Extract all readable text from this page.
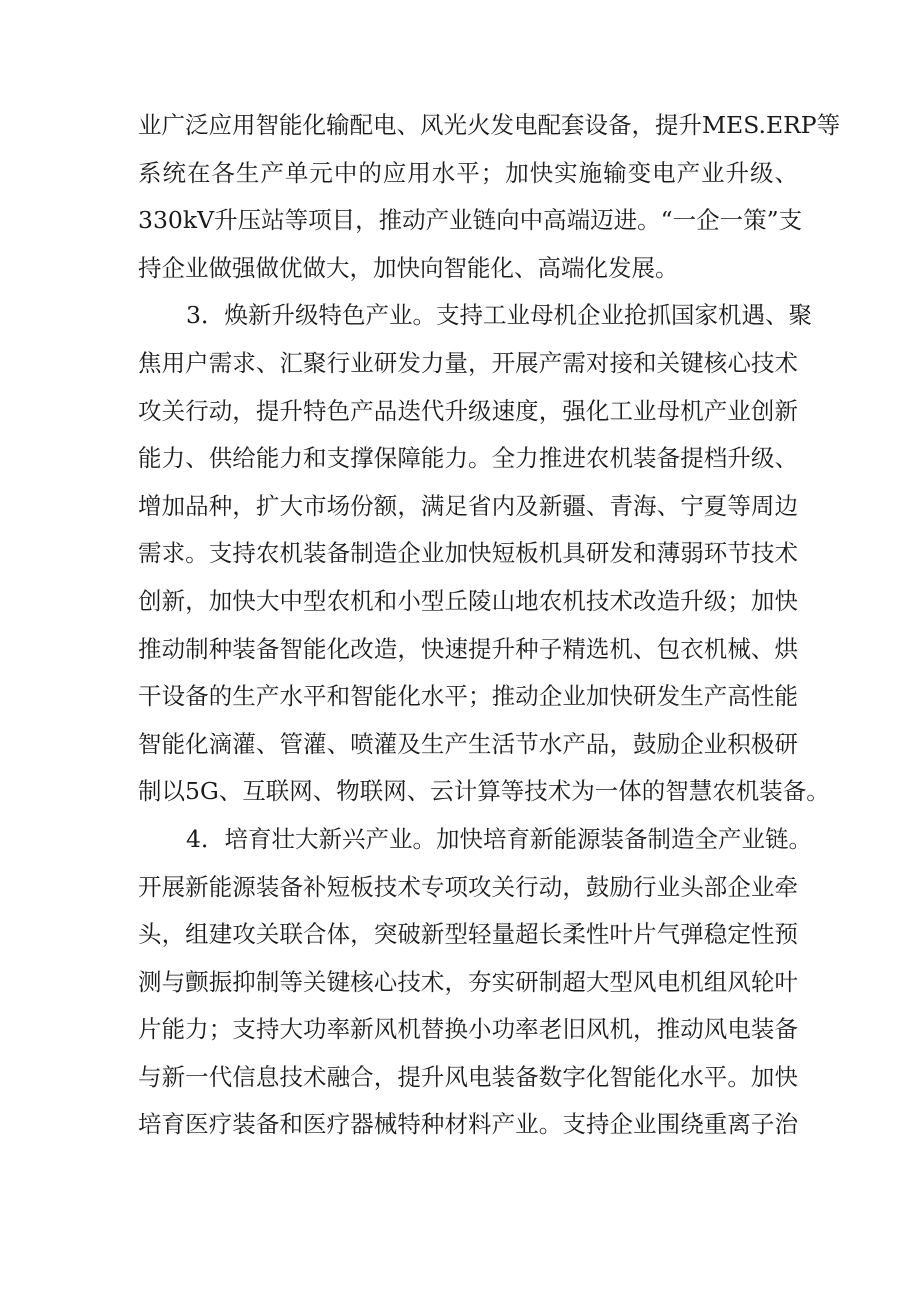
业广泛应用智能化输配电、风光火发电配套设备，提升MES.ERP等
系统在各生产单元中的应用水平；加快实施输变电产业升级、
330kV升压站等项目，推动产业链向中高端迈进。“一企一策”支
持企业做强做优做大，加快向智能化、高端化发展。
3．焕新升级特色产业。支持工业母机企业抢抓国家机遇、聚
焦用户需求、汇聚行业研发力量，开展产需对接和关键核心技术
攻关行动，提升特色产品迭代升级速度，强化工业母机产业创新
能力、供给能力和支撑保障能力。全力推进农机装备提档升级、
增加品种，扩大市场份额，满足省内及新疆、青海、宁夏等周边
需求。支持农机装备制造企业加快短板机具研发和薄弱环节技术
创新，加快大中型农机和小型丘陵山地农机技术改造升级；加快
推动制种装备智能化改造，快速提升种子精选机、包衣机械、烘
干设备的生产水平和智能化水平；推动企业加快研发生产高性能
智能化滴灌、管灌、喷灌及生产生活节水产品，鼓励企业积极研
制以5G、互联网、物联网、云计算等技术为一体的智慧农机装备。
4．培育壮大新兴产业。加快培育新能源装备制造全产业链。
开展新能源装备补短板技术专项攻关行动，鼓励行业头部企业牵
头，组建攻关联合体，突破新型轻量超长柔性叶片气弹稳定性预
测与颤振抑制等关键核心技术，夯实研制超大型风电机组风轮叶
片能力；支持大功率新风机替换小功率老旧风机，推动风电装备
与新一代信息技术融合，提升风电装备数字化智能化水平。加快
培育医疗装备和医疗器械特种材料产业。支持企业围绕重离子治
